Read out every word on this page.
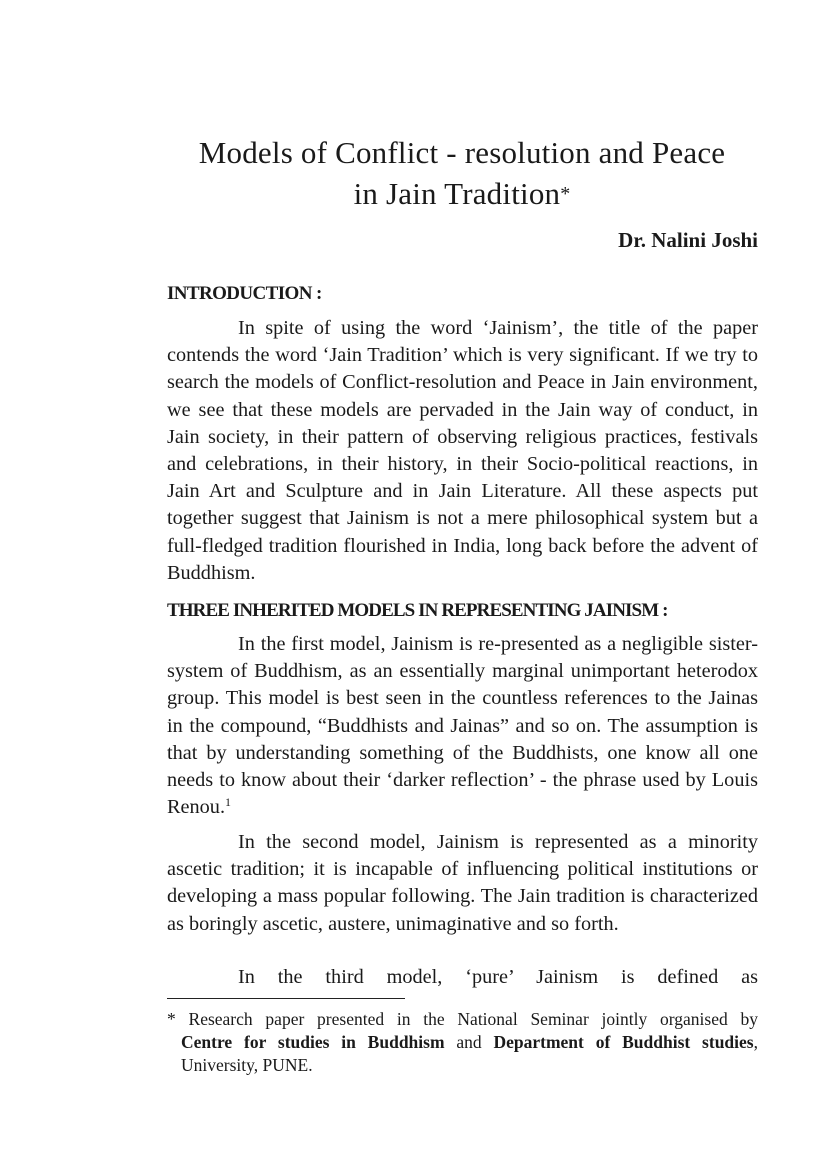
Models of Conflict - resolution and Peace
in Jain Tradition*
Dr. Nalini Joshi
INTRODUCTION :

In spite of using the word ‘Jainism’, the title of the paper contends the word ‘Jain Tradition’ which is very significant. If we try to search the models of Conflict-resolution and Peace in Jain environment, we see that these models are pervaded in the Jain way of conduct, in Jain society, in their pattern of observing religious practices, festivals and celebrations, in their history, in their Socio-political reactions, in Jain Art and Sculpture and in Jain Literature. All these aspects put together suggest that Jainism is not a mere philosophical system but a full-fledged tradition flourished in India, long back before the advent of Buddhism.

THREE INHERITED MODELS IN REPRESENTING JAINISM :

In the first model, Jainism is re-presented as a negligible sister-system of Buddhism, as an essentially marginal unimportant heterodox group. This model is best seen in the countless references to the Jainas in the compound, “Buddhists and Jainas” and so on. The assumption is that by understanding something of the Buddhists, one know all one needs to know about their ‘darker reflection’ - the phrase used by Louis Renou.$^1$

In the second model, Jainism is represented as a minority ascetic tradition; it is incapable of influencing political institutions or developing a mass popular following. The Jain tradition is characterized as boringly ascetic, austere, unimaginative and so forth.

In the third model, ‘pure’ Jainism is defined as

* Research paper presented in the National Seminar jointly organised by
Centre for studies in Buddhism and Department of Buddhist studies,
University, PUNE.
